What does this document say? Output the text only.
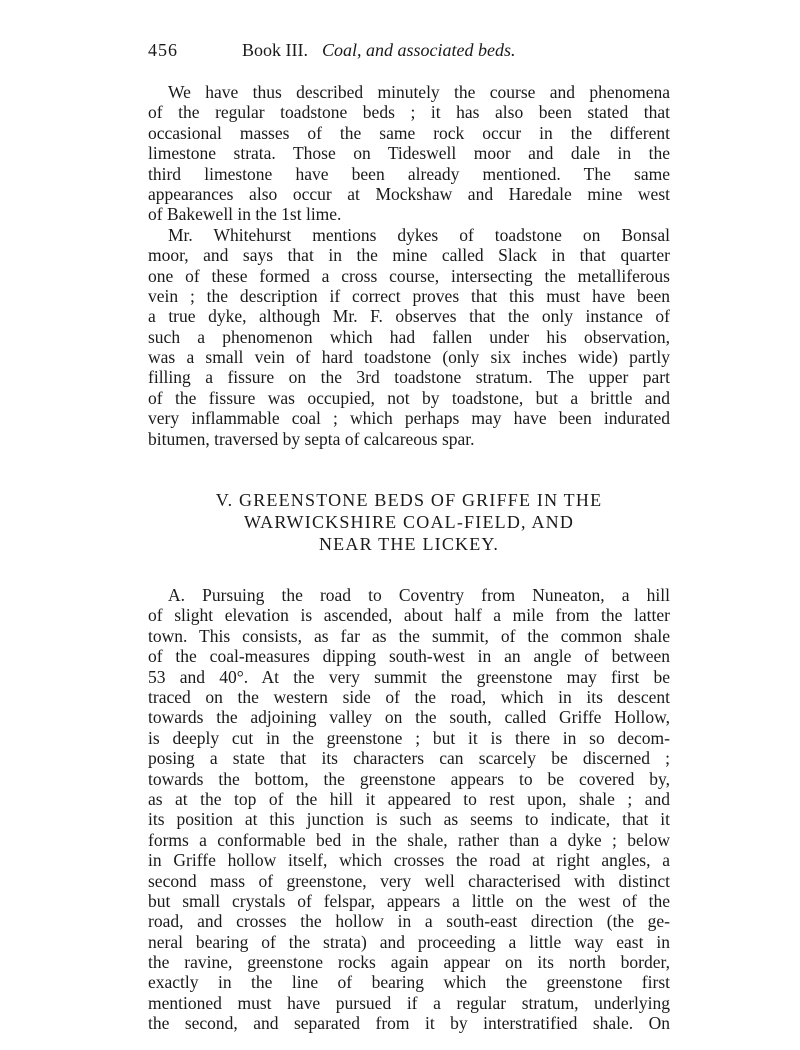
456	Book III. Coal, and associated beds.
We have thus described minutely the course and phenomena
of the regular toadstone beds ; it has also been stated that
occasional masses of the same rock occur in the different
limestone strata. Those on Tideswell moor and dale in the
third limestone have been already mentioned. The same
appearances also occur at Mockshaw and Haredale mine west
of Bakewell in the 1st lime.
Mr. Whitehurst mentions dykes of toadstone on Bonsal
moor, and says that in the mine called Slack in that quarter
one of these formed a cross course, intersecting the metalliferous
vein ; the description if correct proves that this must have been
a true dyke, although Mr. F. observes that the only instance of
such a phenomenon which had fallen under his observation,
was a small vein of hard toadstone (only six inches wide) partly
filling a fissure on the 3rd toadstone stratum. The upper part
of the fissure was occupied, not by toadstone, but a brittle and
very inflammable coal ; which perhaps may have been indurated
bitumen, traversed by septa of calcareous spar.
V. GREENSTONE BEDS OF GRIFFE IN THE
WARWICKSHIRE COAL-FIELD, AND
NEAR THE LICKEY.
A. Pursuing the road to Coventry from Nuneaton, a hill
of slight elevation is ascended, about half a mile from the latter
town. This consists, as far as the summit, of the common shale
of the coal-measures dipping south-west in an angle of between
53 and 40°. At the very summit the greenstone may first be
traced on the western side of the road, which in its descent
towards the adjoining valley on the south, called Griffe Hollow,
is deeply cut in the greenstone ; but it is there in so decom-
posing a state that its characters can scarcely be discerned ;
towards the bottom, the greenstone appears to be covered by,
as at the top of the hill it appeared to rest upon, shale ; and
its position at this junction is such as seems to indicate, that it
forms a conformable bed in the shale, rather than a dyke ; below
in Griffe hollow itself, which crosses the road at right angles, a
second mass of greenstone, very well characterised with distinct
but small crystals of felspar, appears a little on the west of the
road, and crosses the hollow in a south-east direction (the ge-
neral bearing of the strata) and proceeding a little way east in
the ravine, greenstone rocks again appear on its north border,
exactly in the line of bearing which the greenstone first
mentioned must have pursued if a regular stratum, underlying
the second, and separated from it by interstratified shale. On
